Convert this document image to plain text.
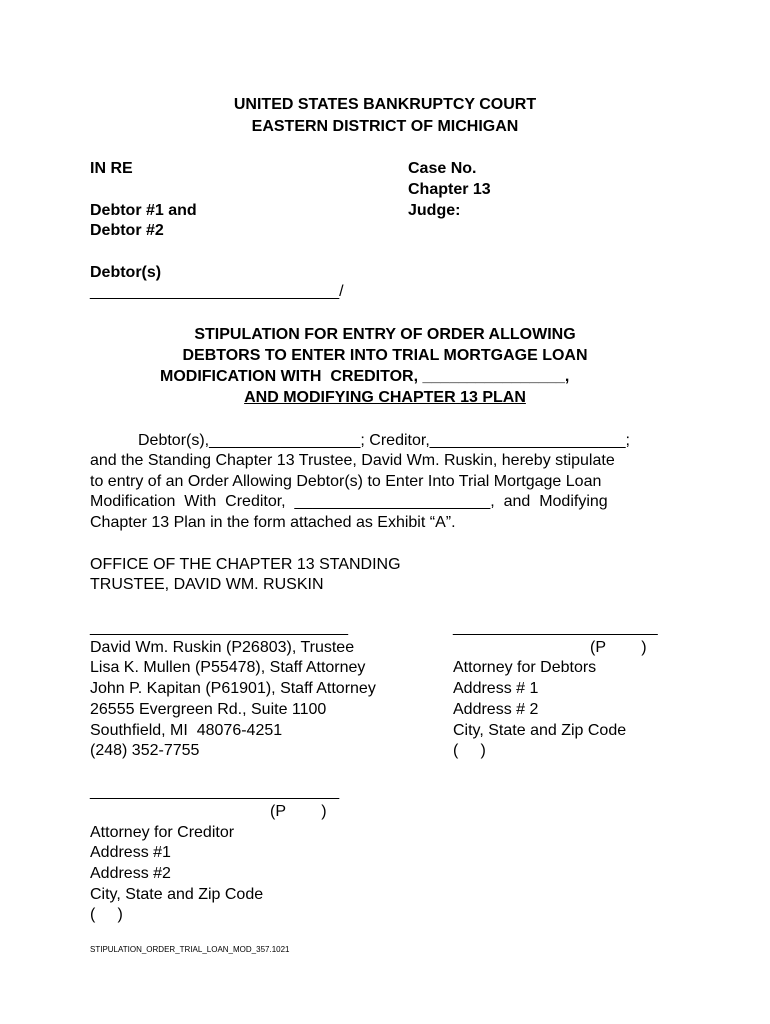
UNITED STATES BANKRUPTCY COURT
EASTERN DISTRICT OF MICHIGAN
IN RE
Debtor #1 and
Debtor #2
Debtor(s)
____________________________/
Case No.
Chapter 13
Judge:
STIPULATION FOR ENTRY OF ORDER ALLOWING
DEBTORS TO ENTER INTO TRIAL MORTGAGE LOAN
MODIFICATION WITH  CREDITOR, ________________,
AND MODIFYING CHAPTER 13 PLAN
Debtor(s),_________________; Creditor,______________________;
and the Standing Chapter 13 Trustee, David Wm. Ruskin, hereby stipulate
to entry of an Order Allowing Debtor(s) to Enter Into Trial Mortgage Loan
Modification  With  Creditor,  ______________________,  and  Modifying
Chapter 13 Plan in the form attached as Exhibit “A”.
OFFICE OF THE CHAPTER 13 STANDING
TRUSTEE, DAVID WM. RUSKIN
_____________________________
David Wm. Ruskin (P26803), Trustee
Lisa K. Mullen (P55478), Staff Attorney
John P. Kapitan (P61901), Staff Attorney
26555 Evergreen Rd., Suite 1100
Southfield, MI  48076-4251
(248) 352-7755
_______________________
(P        )
Attorney for Debtors
Address # 1
Address # 2
City, State and Zip Code
(     )
____________________________
(P        )
Attorney for Creditor
Address #1
Address #2
City, State and Zip Code
(     )
STIPULATION_ORDER_TRIAL_LOAN_MOD_357.1021
